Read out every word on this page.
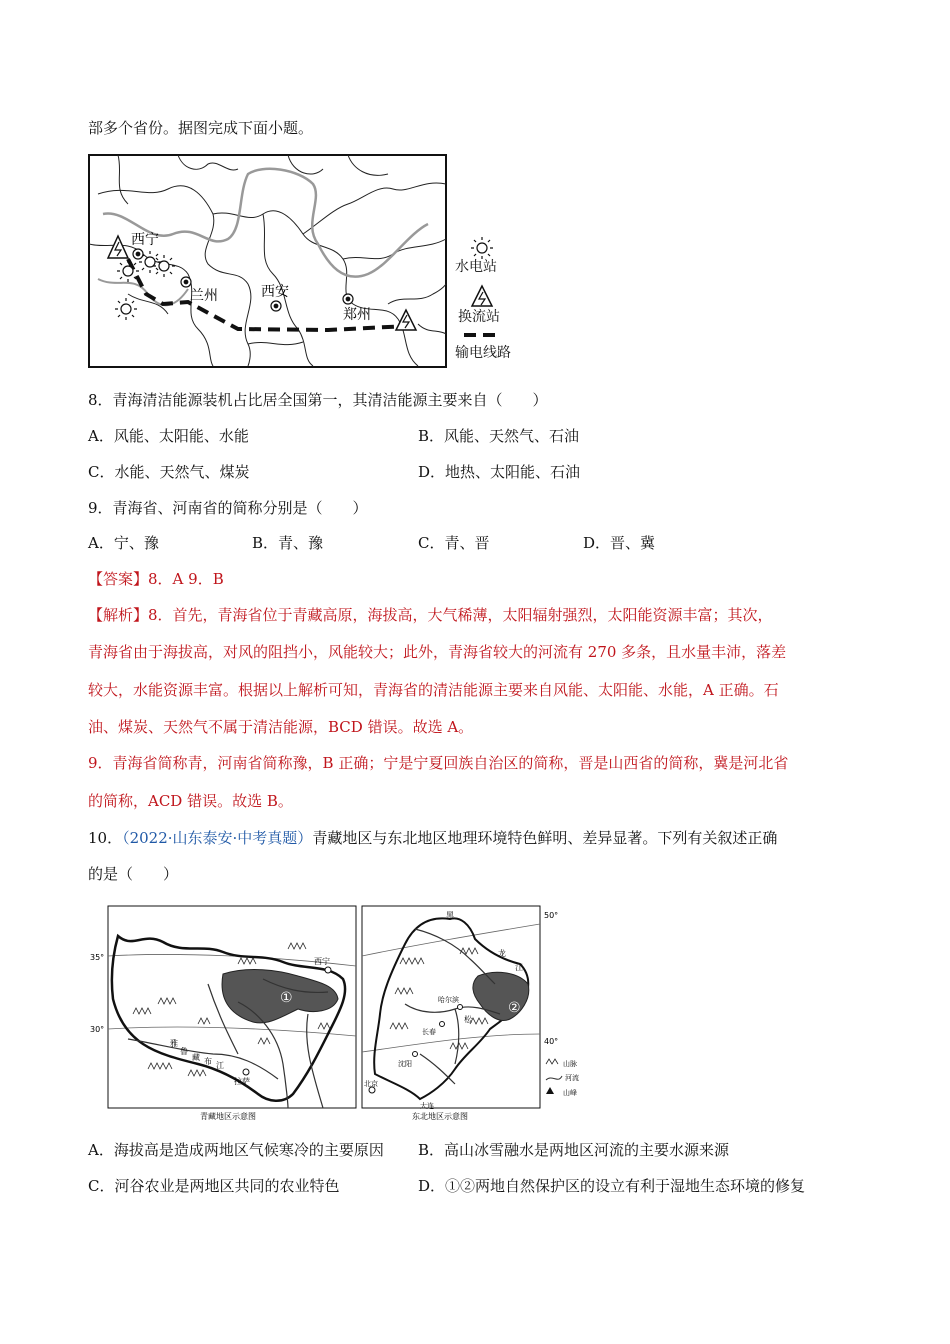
部多个省份。据图完成下面小题。
西宁
兰州	西安
郑州
水电站
换流站
输电线路
8．青海清洁能源装机占比居全国第一，其清洁能源主要来自（　　）
A．风能、太阳能、水能	B．风能、天然气、石油
C．水能、天然气、煤炭	D．地热、太阳能、石油
9．青海省、河南省的简称分别是（　　）
A．宁、豫	B．青、豫	C．青、晋	D．晋、冀
【答案】8．A 9．B
【解析】8．首先，青海省位于青藏高原，海拔高，大气稀薄，太阳辐射强烈，太阳能资源丰富；其次，
青海省由于海拔高，对风的阻挡小，风能较大；此外，青海省较大的河流有 270 多条，且水量丰沛，落差
较大，水能资源丰富。根据以上解析可知，青海省的清洁能源主要来自风能、太阳能、水能，A 正确。石
油、煤炭、天然气不属于清洁能源，BCD 错误。故选 A。
9．青海省简称青，河南省简称豫，B 正确；宁是宁夏回族自治区的简称，晋是山西省的简称，冀是河北省
的简称，ACD 错误。故选 B。
10．（2022·山东泰安·中考真题）青藏地区与东北地区地理环境特色鲜明、差异显著。下列有关叙述正确
的是（　　）
35°
30°
西宁
拉萨
雅
鲁
藏 布 江
①
青藏地区示意图
50°
40°
黑
龙
江
哈尔滨
长春
沈阳
大连
北京
松
②
山脉
河流
山峰
东北地区示意图
A．海拔高是造成两地区气候寒冷的主要原因 B．高山冰雪融水是两地区河流的主要水源来源
C．河谷农业是两地区共同的农业特色	D．①②两地自然保护区的设立有利于湿地生态环境的修复
